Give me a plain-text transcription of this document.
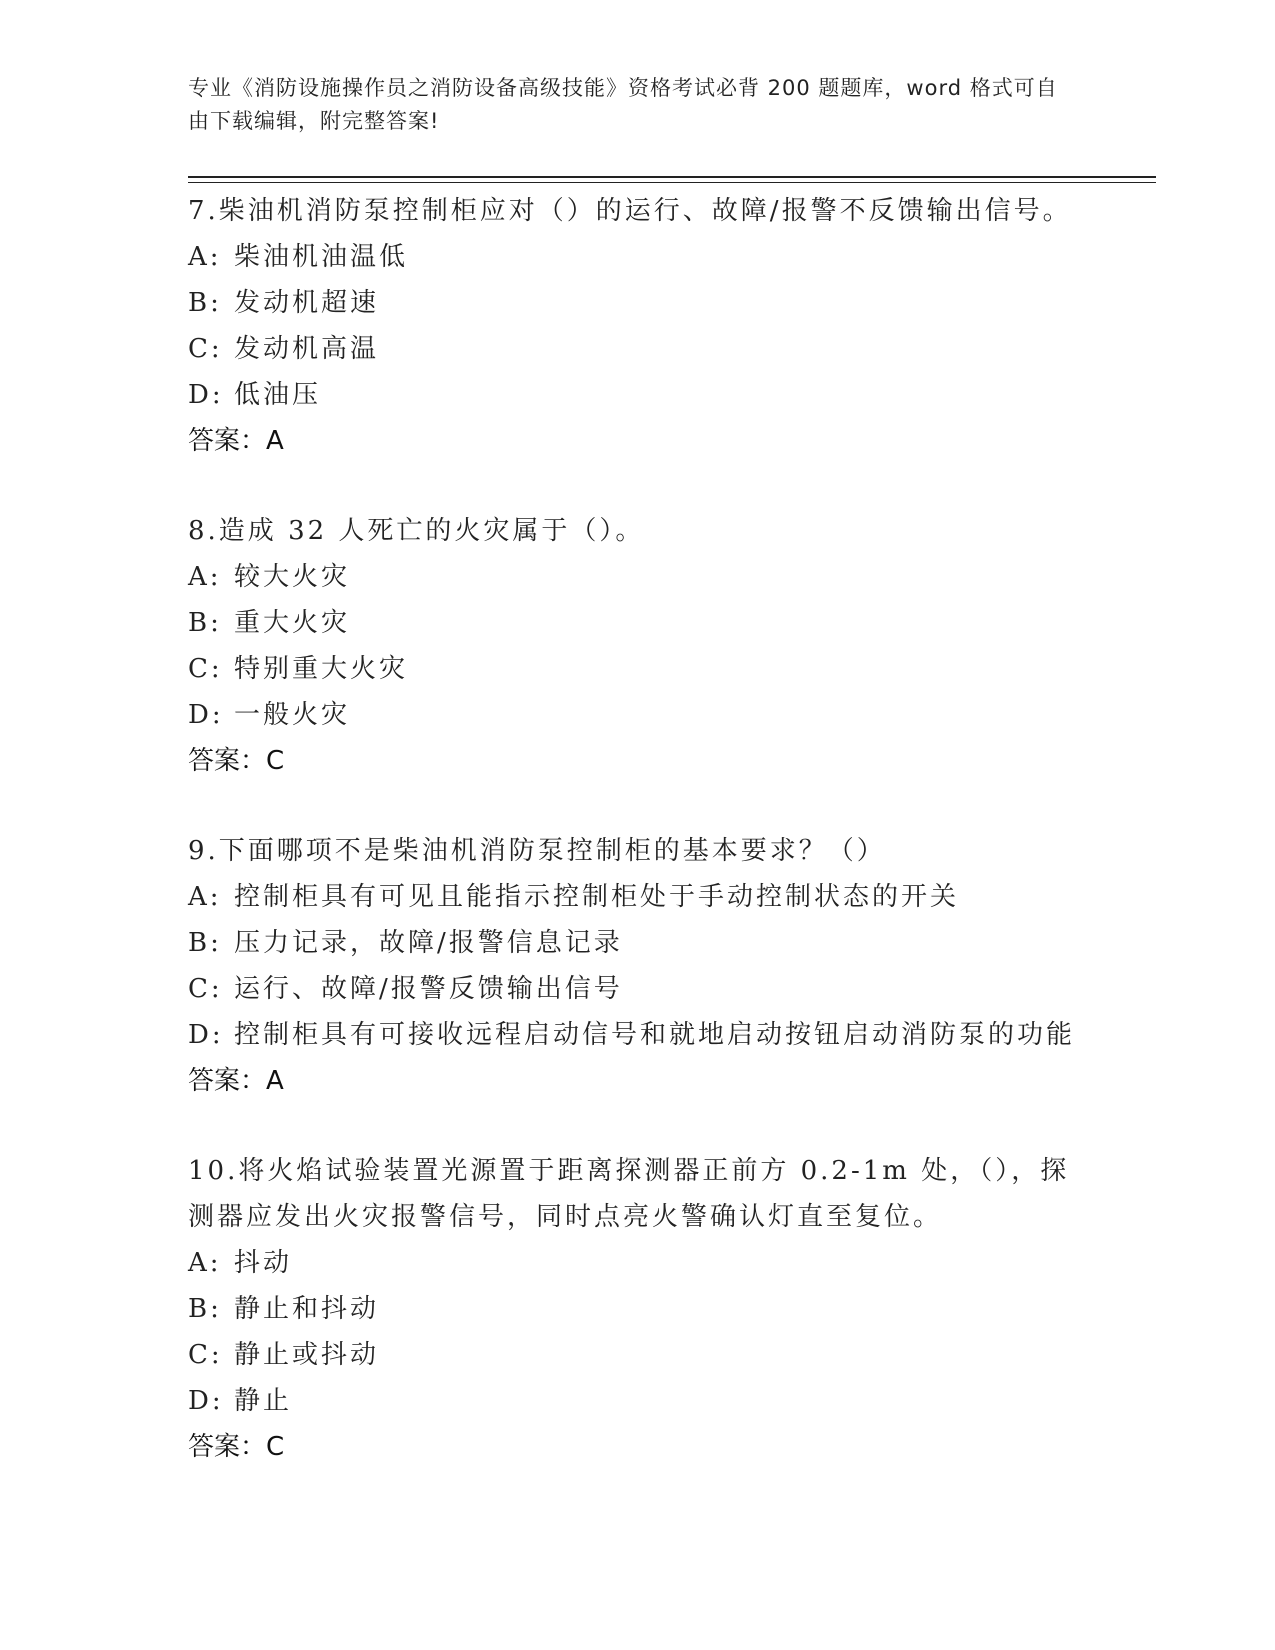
专业《消防设施操作员之消防设备高级技能》资格考试必背 200 题题库，word 格式可自由下载编辑，附完整答案!

7.柴油机消防泵控制柜应对（）的运行、故障/报警不反馈输出信号。

A: 柴油机油温低

B: 发动机超速

C: 发动机高温

D: 低油压

答案：A

8.造成 32 人死亡的火灾属于（）。

A: 较大火灾

B: 重大火灾

C: 特别重大火灾

D: 一般火灾

答案：C

9.下面哪项不是柴油机消防泵控制柜的基本要求？（）

A: 控制柜具有可见且能指示控制柜处于手动控制状态的开关

B: 压力记录，故障/报警信息记录

C: 运行、故障/报警反馈输出信号

D: 控制柜具有可接收远程启动信号和就地启动按钮启动消防泵的功能

答案：A

10.将火焰试验装置光源置于距离探测器正前方 0.2-1m 处，（），探测器应发出火灾报警信号，同时点亮火警确认灯直至复位。

A: 抖动

B: 静止和抖动

C: 静止或抖动

D: 静止

答案：C
